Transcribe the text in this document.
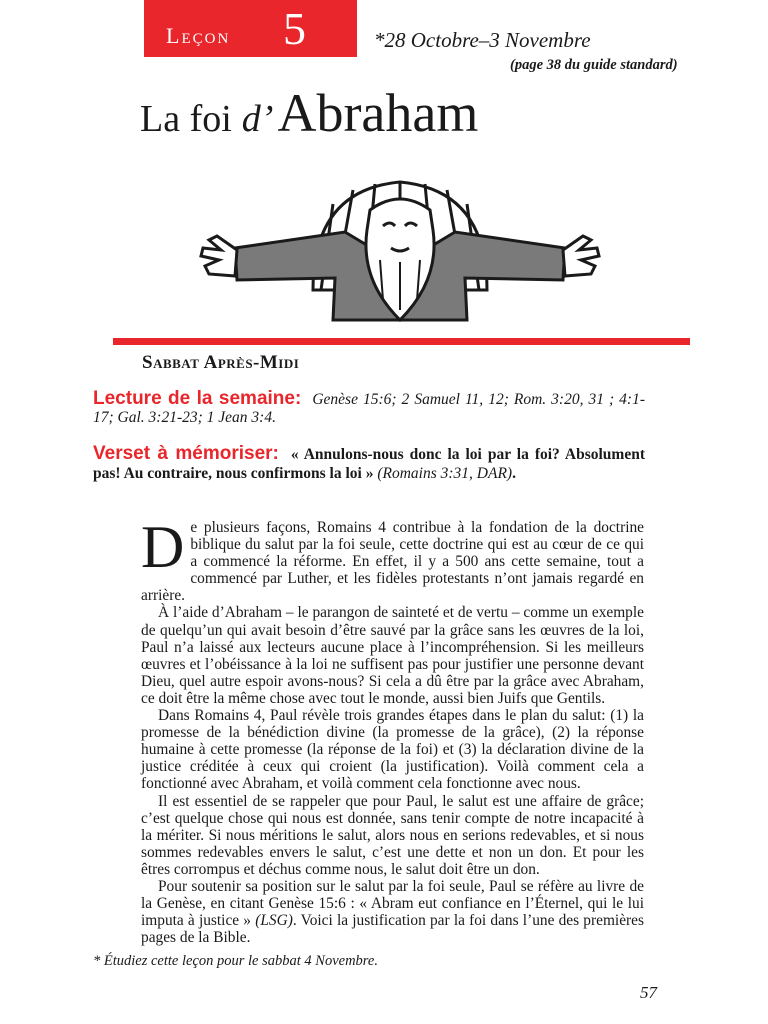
Leçon 5	*28 Octobre–3 Novembre
(page 38 du guide standard)
La foi d’ Abraham
Sabbat Après-Midi
Lecture de la semaine: Genèse 15:6; 2 Samuel 11, 12; Rom. 3:20, 31 ; 4:1-17; Gal. 3:21-23; 1 Jean 3:4.
Verset à mémoriser: « Annulons-nous donc la loi par la foi? Absolument pas! Au contraire, nous confirmons la loi » (Romains 3:31, DAR).

De plusieurs façons, Romains 4 contribue à la fondation de la doctrine biblique du salut par la foi seule, cette doctrine qui est au cœur de ce qui a commencé la réforme. En effet, il y a 500 ans cette semaine, tout a commencé par Luther, et les fidèles protestants n’ont jamais regardé en arrière.

À l’aide d’Abraham – le parangon de sainteté et de vertu – comme un exemple de quelqu’un qui avait besoin d’être sauvé par la grâce sans les œuvres de la loi, Paul n’a laissé aux lecteurs aucune place à l’incompréhension. Si les meilleurs œuvres et l’obéissance à la loi ne suffisent pas pour justifier une personne devant Dieu, quel autre espoir avons-nous? Si cela a dû être par la grâce avec Abraham, ce doit être la même chose avec tout le monde, aussi bien Juifs que Gentils.

Dans Romains 4, Paul révèle trois grandes étapes dans le plan du salut: (1) la promesse de la bénédiction divine (la promesse de la grâce), (2) la réponse humaine à cette promesse (la réponse de la foi) et (3) la déclaration divine de la justice créditée à ceux qui croient (la justification). Voilà comment cela a fonctionné avec Abraham, et voilà comment cela fonctionne avec nous.

Il est essentiel de se rappeler que pour Paul, le salut est une affaire de grâce; c’est quelque chose qui nous est donnée, sans tenir compte de notre incapacité à la mériter. Si nous méritions le salut, alors nous en serions redevables, et si nous sommes redevables envers le salut, c’est une dette et non un don. Et pour les êtres corrompus et déchus comme nous, le salut doit être un don.

Pour soutenir sa position sur le salut par la foi seule, Paul se réfère au livre de la Genèse, en citant Genèse 15:6 : « Abram eut confiance en l’Éternel, qui le lui imputa à justice » (LSG). Voici la justification par la foi dans l’une des premières pages de la Bible.

* Étudiez cette leçon pour le sabbat 4 Novembre.
57
